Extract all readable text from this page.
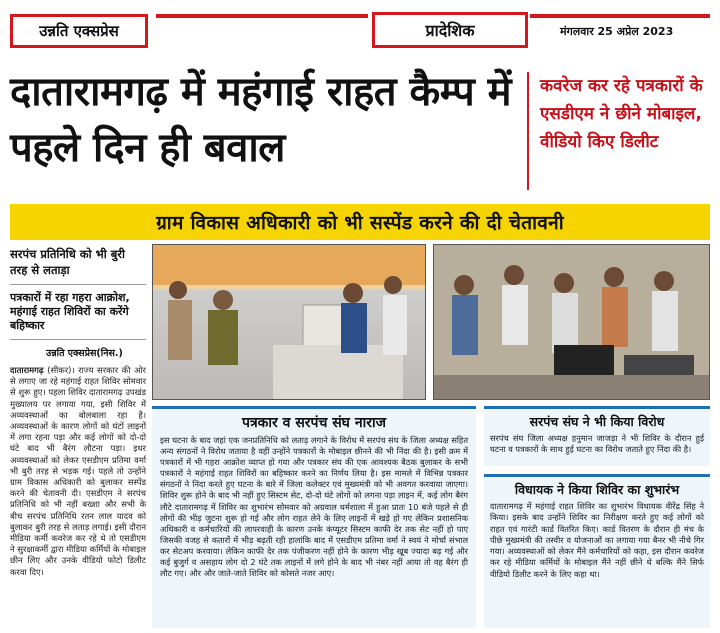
उन्नति एक्सप्रेस	प्रादेशिक	मंगलवार 25 अप्रेल 2023
दातारामगढ़ में महंगाई राहत कैम्प में पहले दिन ही बवाल
कवरेज कर रहे पत्रकारों के एसडीएम ने छीने मोबाइल, वीडियो किए डिलीट
ग्राम विकास अधिकारी को भी सस्पेंड करने की दी चेतावनी
सरपंच प्रतिनिधि को भी बुरी तरह से लताड़ा
पत्रकारों में रहा गहरा आक्रोश, महंगाई राहत शिविरों का करेंगे बहिष्कार
उन्नति एक्सप्रेस(निस.)
दातारामगढ़ (सीकर)। राज्य सरकार की ओर से लगाए जा रहे महंगाई राहत शिविर सोमवार से शुरू हुए। पहला शिविर दातारामगढ़ उपखंड मुख्यालय पर लगाया गया, इसी शिविर में अव्यवस्थाओं का बोलबाला रहा है। अव्यवस्थाओं के कारण लोगों को घंटों लाइनों में लगा रहना पड़ा और कई लोगों को दो-दो घंटे बाद भी बैरंग लौटना पड़ा। इधर अव्यवस्थाओं को लेकर एसडीएम प्रतिमा वर्मा भी बुरी तरह से भड़क गई। पहले तो उन्होंने ग्राम विकास अधिकारी को बुलाकर सस्पेंड करने की चेतावनी दी। एसडीएम ने सरपंच प्रतिनिधि को भी नहीं बख्शा और सभी के बीच सरपंच प्रतिनिधि रतन लाल यादव को बुलाकर बुरी तरह से लताड़ लगाई। इसी दौरान मीडिया कर्मी कवरेज कर रहे थे तो एसडीएम ने सुरक्षाकर्मी द्वारा मीडिया कर्मियों के मोबाइल छीन लिए और उनके वीडियो फोटो डिलीट करवा दिए।
पत्रकार व सरपंच संघ नाराज
इस घटना के बाद जहां एक जनप्रतिनिधि को लताड़ लगाने के विरोध में सरपंच संघ के जिला अध्यक्ष सहित अन्य संगठनों ने विरोध जताया है वहीं उन्होंने पत्रकारों के मोबाइल छीनने की भी निंदा की है। इसी क्रम में पत्रकारों में भी गहरा आक्रोश व्याप्त हो गया और पत्रकार संघ की एक आवश्यक बैठक बुलाकर के सभी पत्रकारों ने महंगाई राहत शिविरों का बहिष्कार करने का निर्णय लिया है। इस मामले में विभिन्न पत्रकार संगठनों ने निंदा करते हुए घटना के बारे में जिला कलेक्टर एवं मुख्यमंत्री को भी अवगत करवाया जाएगा। शिविर शुरू होने के बाद भी नहीं हुए सिस्टम सेट, दो-दो घंटे लोगों को लगना पड़ा लाइन में, कई लोग बैरंग लौटे दातारामगढ़ में शिविर का शुभारंभ सोमवार को अग्रवाल धर्मशाला में हुआ प्रातः 10 बजे पहले से ही लोगों की भीड़ जुटना शुरू हो गई और लोग राहत लेने के लिए लाइनों में खड़े हो गए लेकिन प्रशासनिक अधिकारी व कर्मचारियों की लापरवाही के कारण उनके कंप्यूटर सिस्टम काफी देर तक सेट नहीं हो पाए जिसकी वजह से कतारों में भीड़ बढ़ती रही हालांकि बाद में एसडीएम प्रतिमा वर्मा ने स्वयं ने मोर्चा संभाल कर सेटअप करवाया। लेकिन काफी देर तक पंजीकरण नहीं होने के कारण भीड़ खूब ज्यादा बढ़ गई और कई बुजुर्ग व असहाय लोग दो 2 घंटे तक लाइनों में लगे होने के बाद भी नंबर नहीं आया तो वह बैरंग ही लौट गए। और और जाते-जाते शिविर को कोसते नजर आए।
सरपंच संघ ने भी किया विरोध
सरपंच संघ जिला अध्यक्ष हनुमान जाजड़ा ने भी शिविर के दौरान हुई घटना व पत्रकारों के साथ हुई घटना का विरोध जताते हुए निंदा की है।
विधायक ने किया शिविर का शुभारंभ
दातारामगढ़ में महंगाई राहत शिविर का शुभारंभ विधायक वीरेंद्र सिंह ने किया। इसके बाद उन्होंने शिविर का निरीक्षण करते हुए कई लोगों को राहत एवं गारंटी कार्ड वितरित किए। कार्ड वितरण के दौरान ही मंच के पीछे मुख्यमंत्री की तस्वीर व योजनाओं का लगाया गया बैनर भी नीचे गिर गया। अव्यवस्थाओं को लेकर मैंने कर्मचारियों को कहा, इस दौरान कवरेज कर रहे मीडिया कर्मियों के मोबाइल मैंने नहीं छीने थे बल्कि मैंने सिर्फ वीडियो डिलीट करने के लिए कहा था।
